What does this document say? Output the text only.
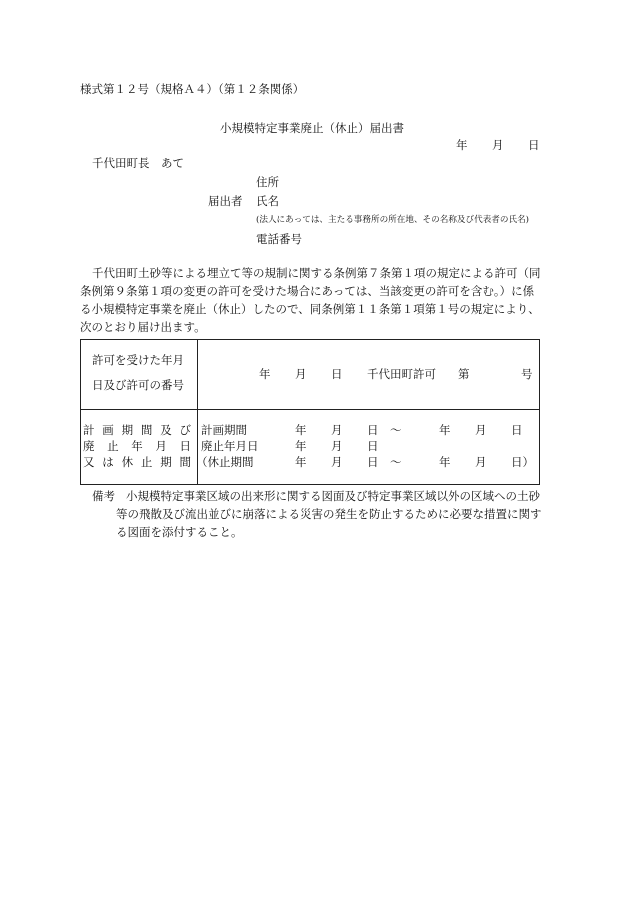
様式第１２号（規格Ａ４）（第１２条関係）
小規模特定事業廃止（休止）届出書
年 月 日
千代田町長　あて
住所
届出者 氏名
(法人にあっては、主たる事務所の所在地、その名称及び代表者の氏名)
電話番号
千代田町土砂等による埋立て等の規制に関する条例第７条第１項の規定による許可（同
条例第９条第１項の変更の許可を受けた場合にあっては、当該変更の許可を含む。）に係
る小規模特定事業を廃止（休止）したので、同条例第１１条第１項第１号の規定により、
次のとおり届け出ます。
許可を受けた年月
日及び許可の番号
年 月 日 千代田町許可 第	号
計 画 期 間 及 び
廃 止 年 月 日
又 は 休 止 期 間
計画期間	年 月 日 ～	年 月 日
廃止年月日	年 月 日
（休止期間	年 月 日 ～	年 月 日）
備考 小規模特定事業区域の出来形に関する図面及び特定事業区域以外の区域への土砂
等の飛散及び流出並びに崩落による災害の発生を防止するために必要な措置に関す
る図面を添付すること。
